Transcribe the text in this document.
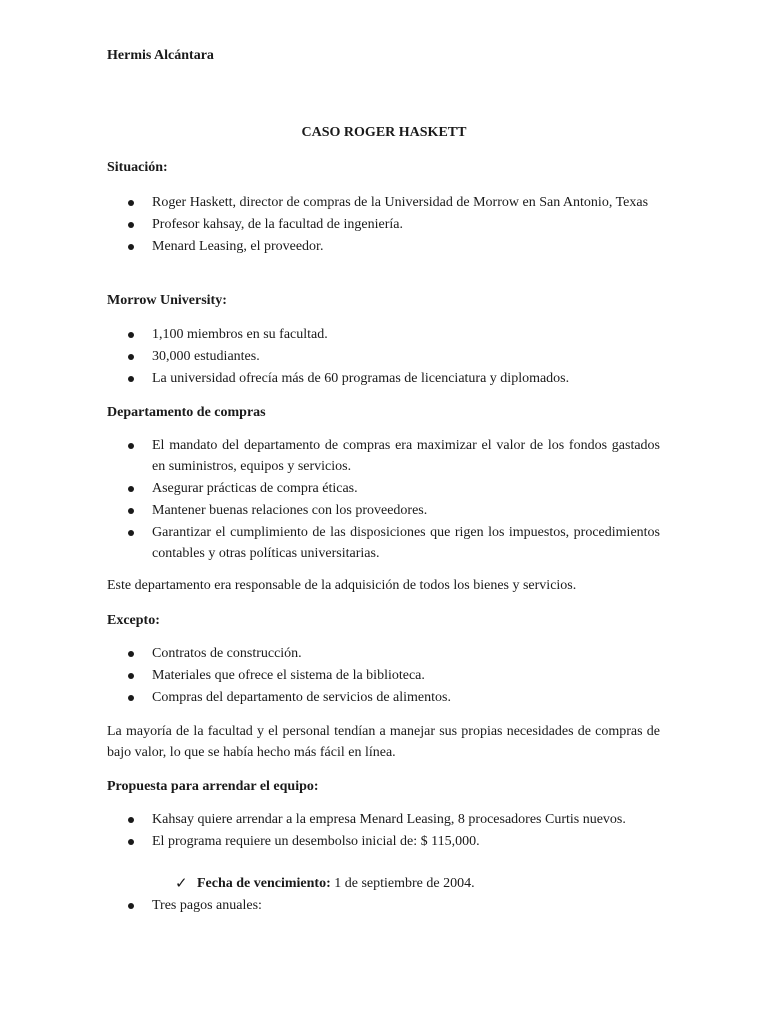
Hermis Alcántara
CASO ROGER HASKETT
Situación:
Roger Haskett, director de compras de la Universidad de Morrow en San Antonio, Texas
Profesor kahsay, de la facultad de ingeniería.
Menard Leasing, el proveedor.
Morrow University:
1,100 miembros en su facultad.
30,000 estudiantes.
La universidad ofrecía más de 60 programas de licenciatura y diplomados.
Departamento de compras
El mandato del departamento de compras era maximizar el valor de los fondos gastados en suministros, equipos y servicios.
Asegurar prácticas de compra éticas.
Mantener buenas relaciones con los proveedores.
Garantizar el cumplimiento de las disposiciones que rigen los impuestos, procedimientos contables y otras políticas universitarias.
Este departamento era responsable de la adquisición de todos los bienes y servicios.
Excepto:
Contratos de construcción.
Materiales que ofrece el sistema de la biblioteca.
Compras del departamento de servicios de alimentos.
La mayoría de la facultad y el personal tendían a manejar sus propias necesidades de compras de bajo valor, lo que se había hecho más fácil en línea.
Propuesta para arrendar el equipo:
Kahsay quiere arrendar a la empresa Menard Leasing, 8 procesadores Curtis nuevos.
El programa requiere un desembolso inicial de: $ 115,000.
✓ Fecha de vencimiento: 1 de septiembre de 2004.
Tres pagos anuales:
